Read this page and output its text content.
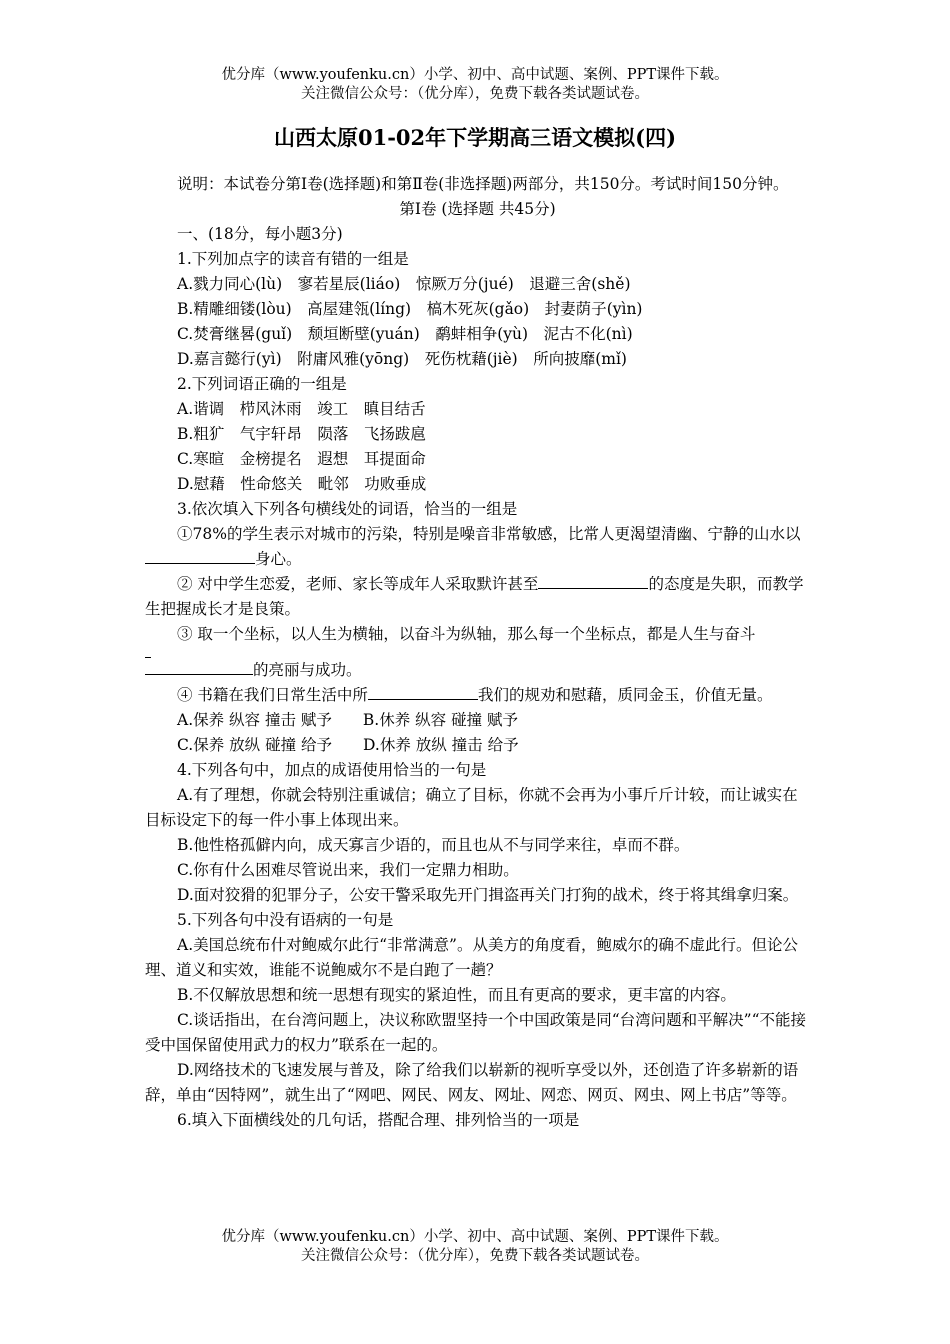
优分库（www.youfenku.cn）小学、初中、高中试题、案例、PPT课件下载。
关注微信公众号：（优分库），免费下载各类试题试卷。
山西太原01-02年下学期高三语文模拟(四)

说明：本试卷分第Ⅰ卷(选择题)和第Ⅱ卷(非选择题)两部分，共150分。考试时间150分钟。

第Ⅰ卷 (选择题 共45分)

一、(18分，每小题3分)

1.下列加点字的读音有错的一组是

A.戮力同心(lù)　寥若星辰(liáo)　惊厥万分(jué)　退避三舍(shě)

B.精雕细镂(lòu)　高屋建瓴(líng)　槁木死灰(gǎo)　封妻荫子(yìn)

C.焚膏继晷(guǐ)　颓垣断壁(yuán)　鹬蚌相争(yù)　泥古不化(nì)

D.嘉言懿行(yì)　附庸风雅(yōng)　死伤枕藉(jiè)　所向披靡(mǐ)

2.下列词语正确的一组是

A.谐调　栉风沐雨　竣工　瞋目结舌

B.粗犷　气宇轩昂　陨落　飞扬跋扈

C.寒暄　金榜提名　遐想　耳提面命

D.慰藉　性命悠关　毗邻　功败垂成

3.依次填入下列各句横线处的词语，恰当的一组是

①78%的学生表示对城市的污染，特别是噪音非常敏感，比常人更渴望清幽、宁静的山水以身心。

② 对中学生恋爱，老师、家长等成年人采取默许甚至	的态度是失职，而教学生把握成长才是良策。

③ 取一个坐标，以人生为横轴，以奋斗为纵轴，那么每一个坐标点，都是人生与奋斗

的亮丽与成功。

④ 书籍在我们日常生活中所	我们的规劝和慰藉，质同金玉，价值无量。

A.保养 纵容 撞击 赋予　　B.休养 纵容 碰撞 赋予

C.保养 放纵 碰撞 给予　　D.休养 放纵 撞击 给予

4.下列各句中，加点的成语使用恰当的一句是

A.有了理想，你就会特别注重诚信；确立了目标，你就不会再为小事斤斤计较，而让诚实在目标设定下的每一件小事上体现出来。

B.他性格孤僻内向，成天寡言少语的，而且也从不与同学来往，卓而不群。

C.你有什么困难尽管说出来，我们一定鼎力相助。

D.面对狡猾的犯罪分子，公安干警采取先开门揖盗再关门打狗的战术，终于将其缉拿归案。

5.下列各句中没有语病的一句是

A.美国总统布什对鲍威尔此行“非常满意”。从美方的角度看，鲍威尔的确不虚此行。但论公理、道义和实效，谁能不说鲍威尔不是白跑了一趟？

B.不仅解放思想和统一思想有现实的紧迫性，而且有更高的要求，更丰富的内容。

C.谈话指出，在台湾问题上，决议称欧盟坚持一个中国政策是同“台湾问题和平解决”“不能接受中国保留使用武力的权力”联系在一起的。

D.网络技术的飞速发展与普及，除了给我们以崭新的视听享受以外，还创造了许多崭新的语辞，单由“因特网”，就生出了“网吧、网民、网友、网址、网恋、网页、网虫、网上书店”等等。

6.填入下面横线处的几句话，搭配合理、排列恰当的一项是

优分库（www.youfenku.cn）小学、初中、高中试题、案例、PPT课件下载。
关注微信公众号：（优分库），免费下载各类试题试卷。
